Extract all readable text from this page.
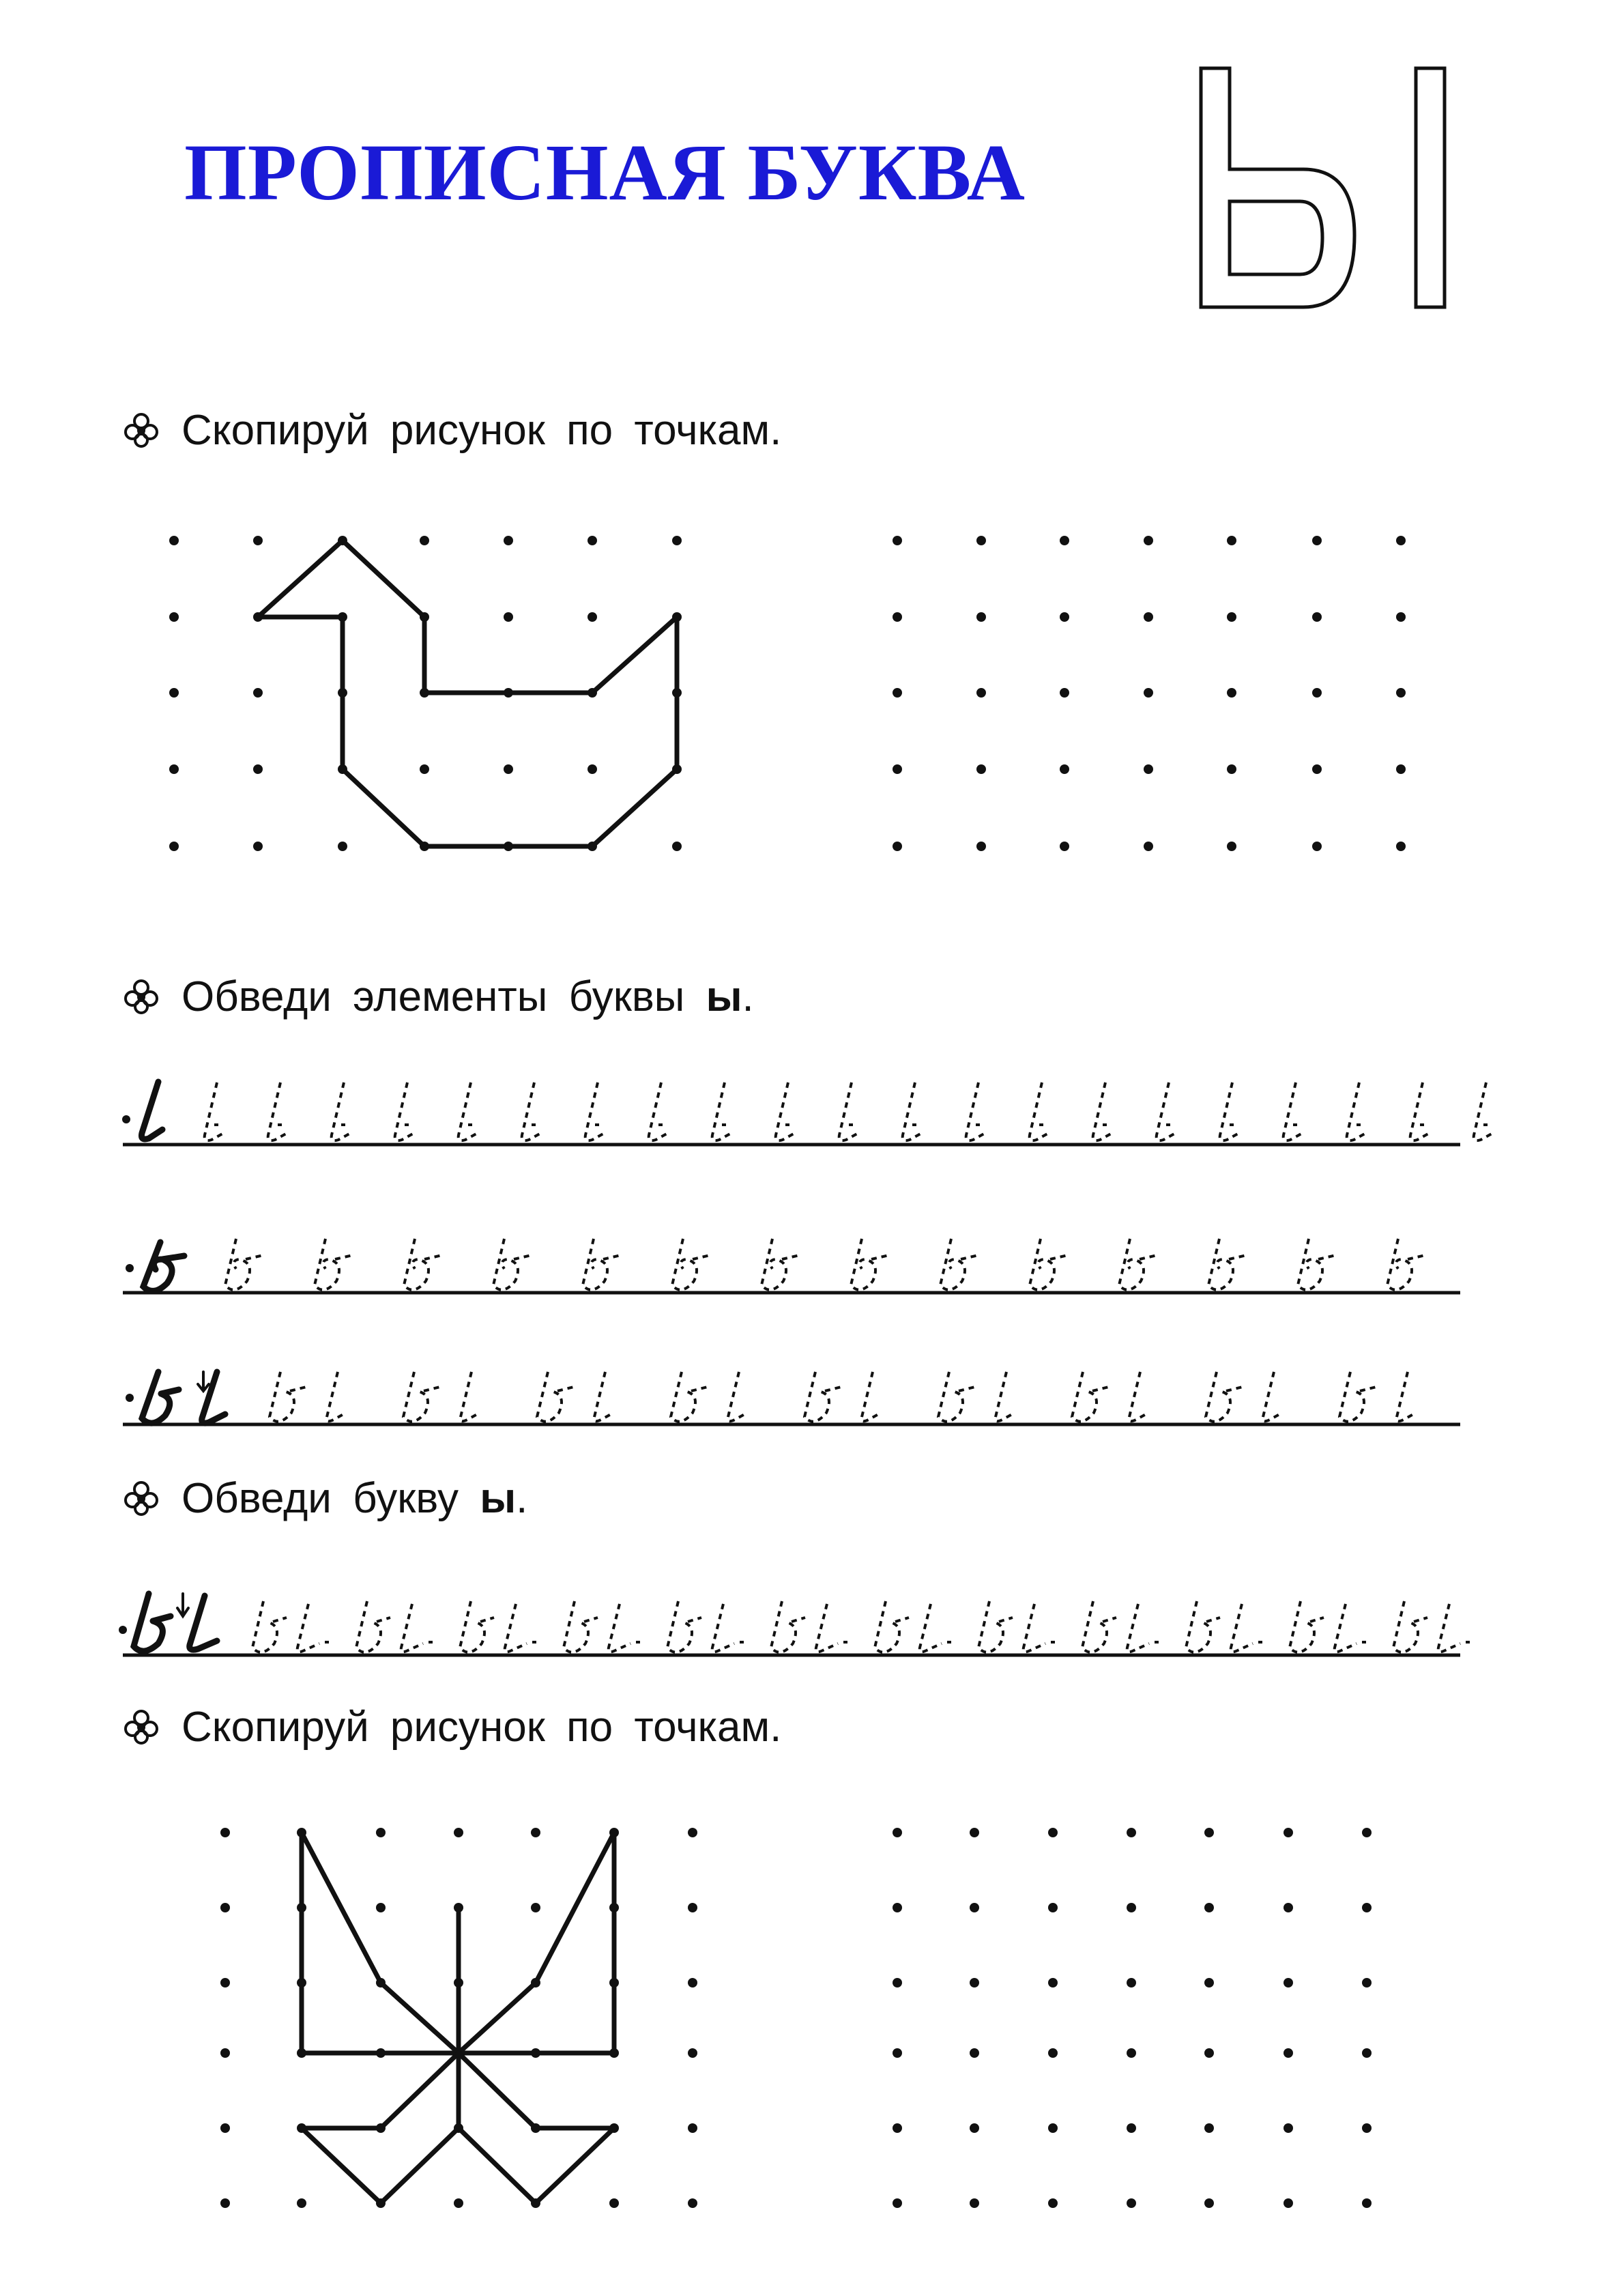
ПРОПИСНАЯ БУКВА
Скопируй рисунок по точкам.
Обведи элементы буквы ы.
Обведи букву ы.
Скопируй рисунок по точкам.
